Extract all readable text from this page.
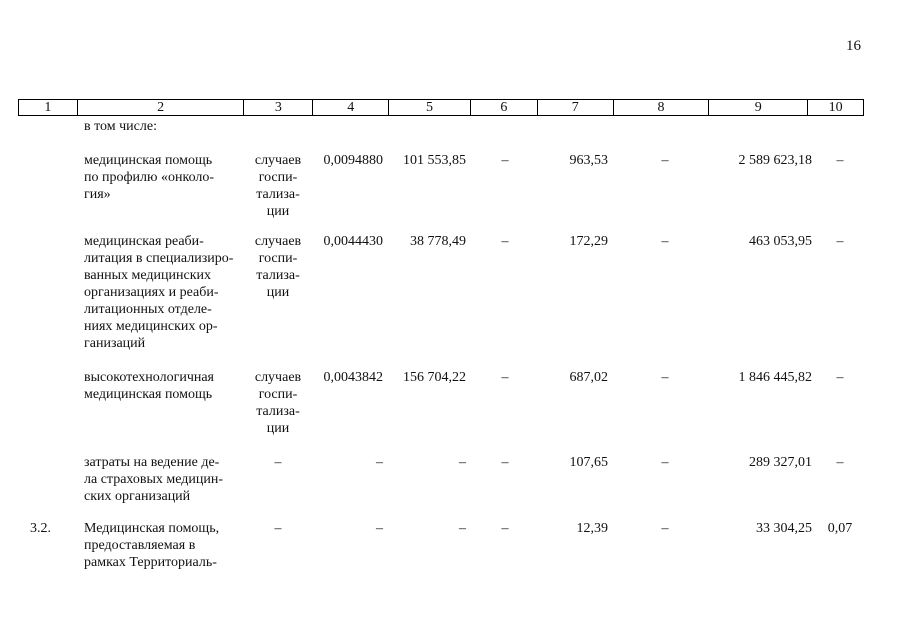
16
1	2	3	4	5	6	7	8	9	10
в том числе:
медицинская помощь
по профилю «онколо-
гия»
случаев
госпи-
тализа-
ции
0,0094880	101 553,85	–	963,53	–	2 589 623,18	–
медицинская реаби-
литация в специализиро-
ванных медицинских
организациях и реаби-
литационных отделе-
ниях медицинских ор-
ганизаций
случаев
госпи-
тализа-
ции
0,0044430	38 778,49	–	172,29	–	463 053,95	–
высокотехнологичная
медицинская помощь
случаев
госпи-
тализа-
ции
0,0043842	156 704,22	–	687,02	–	1 846 445,82	–
затраты на ведение де-
ла страховых медицин-
ских организаций
–	–	–	–	107,65	–	289 327,01	–
3.2.	Медицинская помощь,
предоставляемая в
рамках Территориаль-
–	–	–	–	12,39	–	33 304,25	0,07
